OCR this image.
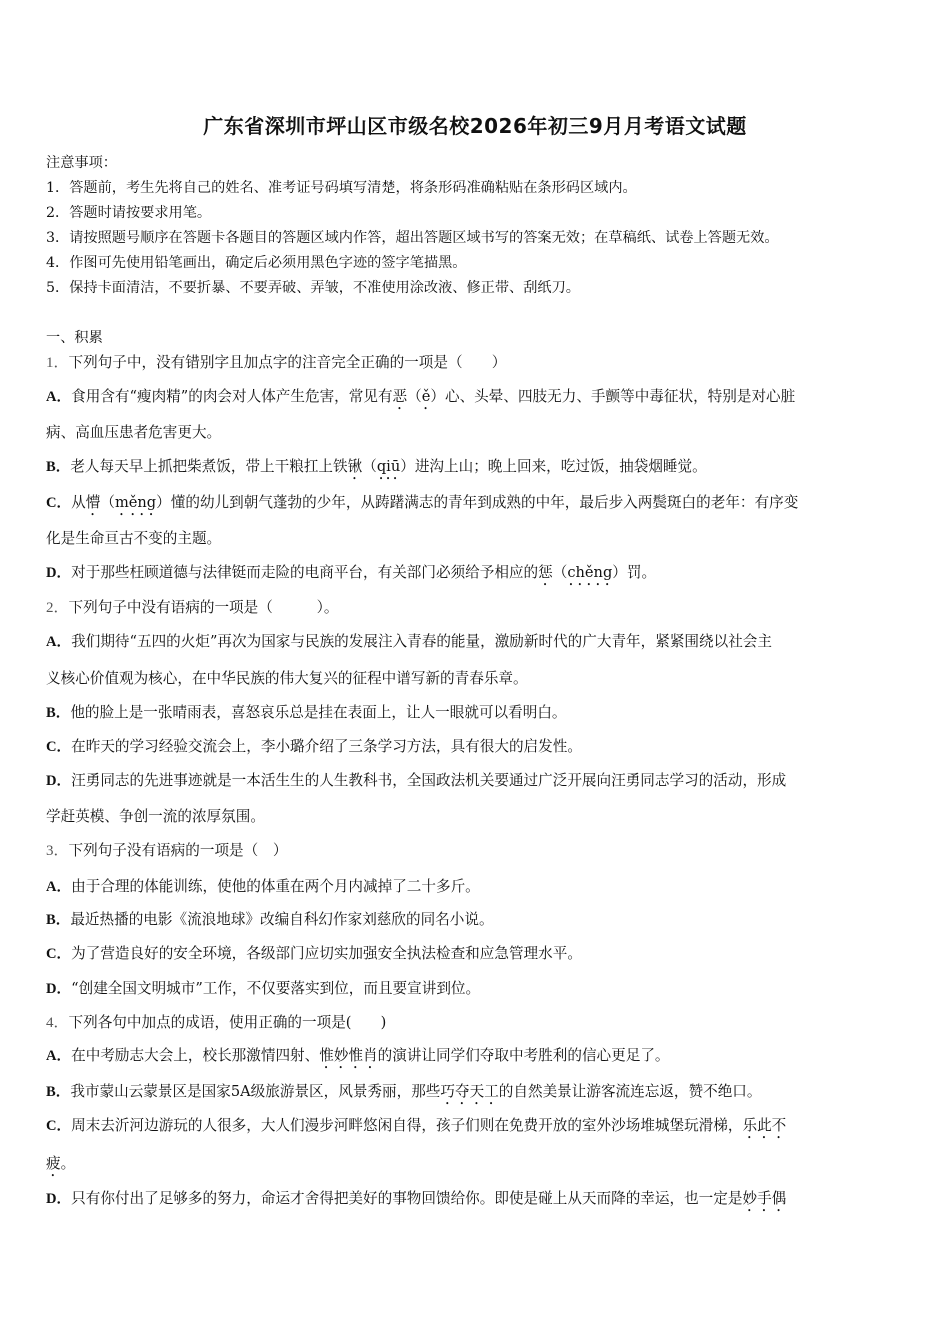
广东省深圳市坪山区市级名校2026年初三9月月考语文试题
注意事项：
1．答题前，考生先将自己的姓名、准考证号码填写清楚，将条形码准确粘贴在条形码区域内。
2．答题时请按要求用笔。
3．请按照题号顺序在答题卡各题目的答题区域内作答，超出答题区域书写的答案无效；在草稿纸、试卷上答题无效。
4．作图可先使用铅笔画出，确定后必须用黑色字迹的签字笔描黑。
5．保持卡面清洁，不要折暴、不要弄破、弄皱，不准使用涂改液、修正带、刮纸刀。
一、积累
1．下列句子中，没有错别字且加点字的注音完全正确的一项是（　　）
A．食用含有“瘦肉精”的肉会对人体产生危害，常见有恶（ě）心、头晕、四肢无力、手颤等中毒征状，特别是对心脏
病、高血压患者危害更大。
B．老人每天早上抓把柴煮饭，带上干粮扛上铁锹（qiū）进沟上山；晚上回来，吃过饭，抽袋烟睡觉。
C．从懵（měng）懂的幼儿到朝气蓬勃的少年，从踌躇满志的青年到成熟的中年，最后步入两鬓斑白的老年：有序变
化是生命亘古不变的主题。
D．对于那些枉顾道德与法律铤而走险的电商平台，有关部门必须给予相应的惩（chěng）罚。
2．下列句子中没有语病的一项是（　　　）。
A．我们期待“五四的火炬”再次为国家与民族的发展注入青春的能量，激励新时代的广大青年，紧紧围绕以社会主
义核心价值观为核心，在中华民族的伟大复兴的征程中谱写新的青春乐章。
B．他的脸上是一张晴雨表，喜怒哀乐总是挂在表面上，让人一眼就可以看明白。
C．在昨天的学习经验交流会上，李小璐介绍了三条学习方法，具有很大的启发性。
D．汪勇同志的先进事迹就是一本活生生的人生教科书，全国政法机关要通过广泛开展向汪勇同志学习的活动，形成
学赶英模、争创一流的浓厚氛围。
3．下列句子没有语病的一项是（　）
A．由于合理的体能训练，使他的体重在两个月内减掉了二十多斤。
B．最近热播的电影《流浪地球》改编自科幻作家刘慈欣的同名小说。
C．为了营造良好的安全环境，各级部门应切实加强安全执法检查和应急管理水平。
D．“创建全国文明城市”工作，不仅要落实到位，而且要宣讲到位。
4．下列各句中加点的成语，使用正确的一项是(　　)
A．在中考励志大会上，校长那激情四射、惟妙惟肖的演讲让同学们夺取中考胜利的信心更足了。
B．我市蒙山云蒙景区是国家5A级旅游景区，风景秀丽，那些巧夺天工的自然美景让游客流连忘返，赞不绝口。
C．周末去沂河边游玩的人很多，大人们漫步河畔悠闲自得，孩子们则在免费开放的室外沙场堆城堡玩滑梯，乐此不
疲。
D．只有你付出了足够多的努力，命运才舍得把美好的事物回馈给你。即使是碰上从天而降的幸运，也一定是妙手偶
